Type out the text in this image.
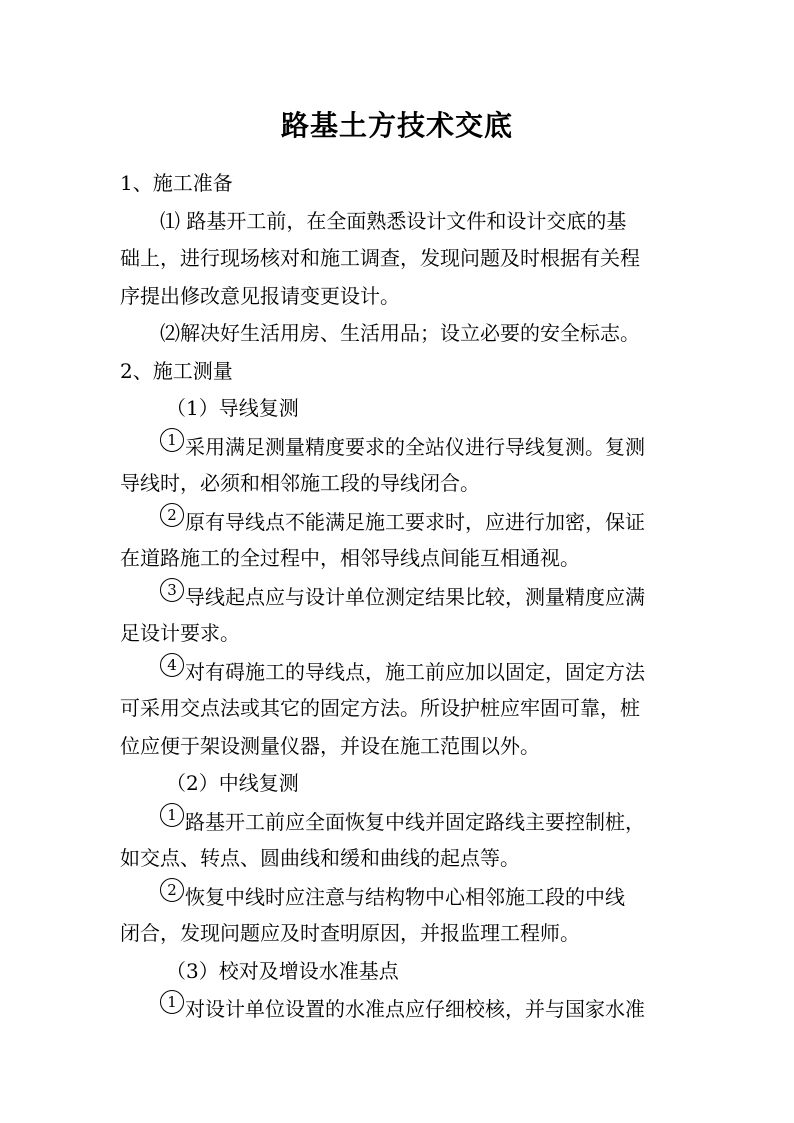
路基土方技术交底
1、施工准备
⑴ 路基开工前，在全面熟悉设计文件和设计交底的基
础上，进行现场核对和施工调查，发现问题及时根据有关程
序提出修改意见报请变更设计。
⑵解决好生活用房、生活用品；设立必要的安全标志。
2、施工测量
（1）导线复测
1 采用满足测量精度要求的全站仪进行导线复测。复测
导线时，必须和相邻施工段的导线闭合。
2 原有导线点不能满足施工要求时，应进行加密，保证
在道路施工的全过程中，相邻导线点间能互相通视。
3 导线起点应与设计单位测定结果比较，测量精度应满
足设计要求。
4 对有碍施工的导线点，施工前应加以固定，固定方法
可采用交点法或其它的固定方法。所设护桩应牢固可靠，桩
位应便于架设测量仪器，并设在施工范围以外。
（2）中线复测
1 路基开工前应全面恢复中线并固定路线主要控制桩，
如交点、转点、圆曲线和缓和曲线的起点等。
2 恢复中线时应注意与结构物中心相邻施工段的中线
闭合，发现问题应及时查明原因，并报监理工程师。
（3）校对及增设水准基点
1 对设计单位设置的水准点应仔细校核，并与国家水准
